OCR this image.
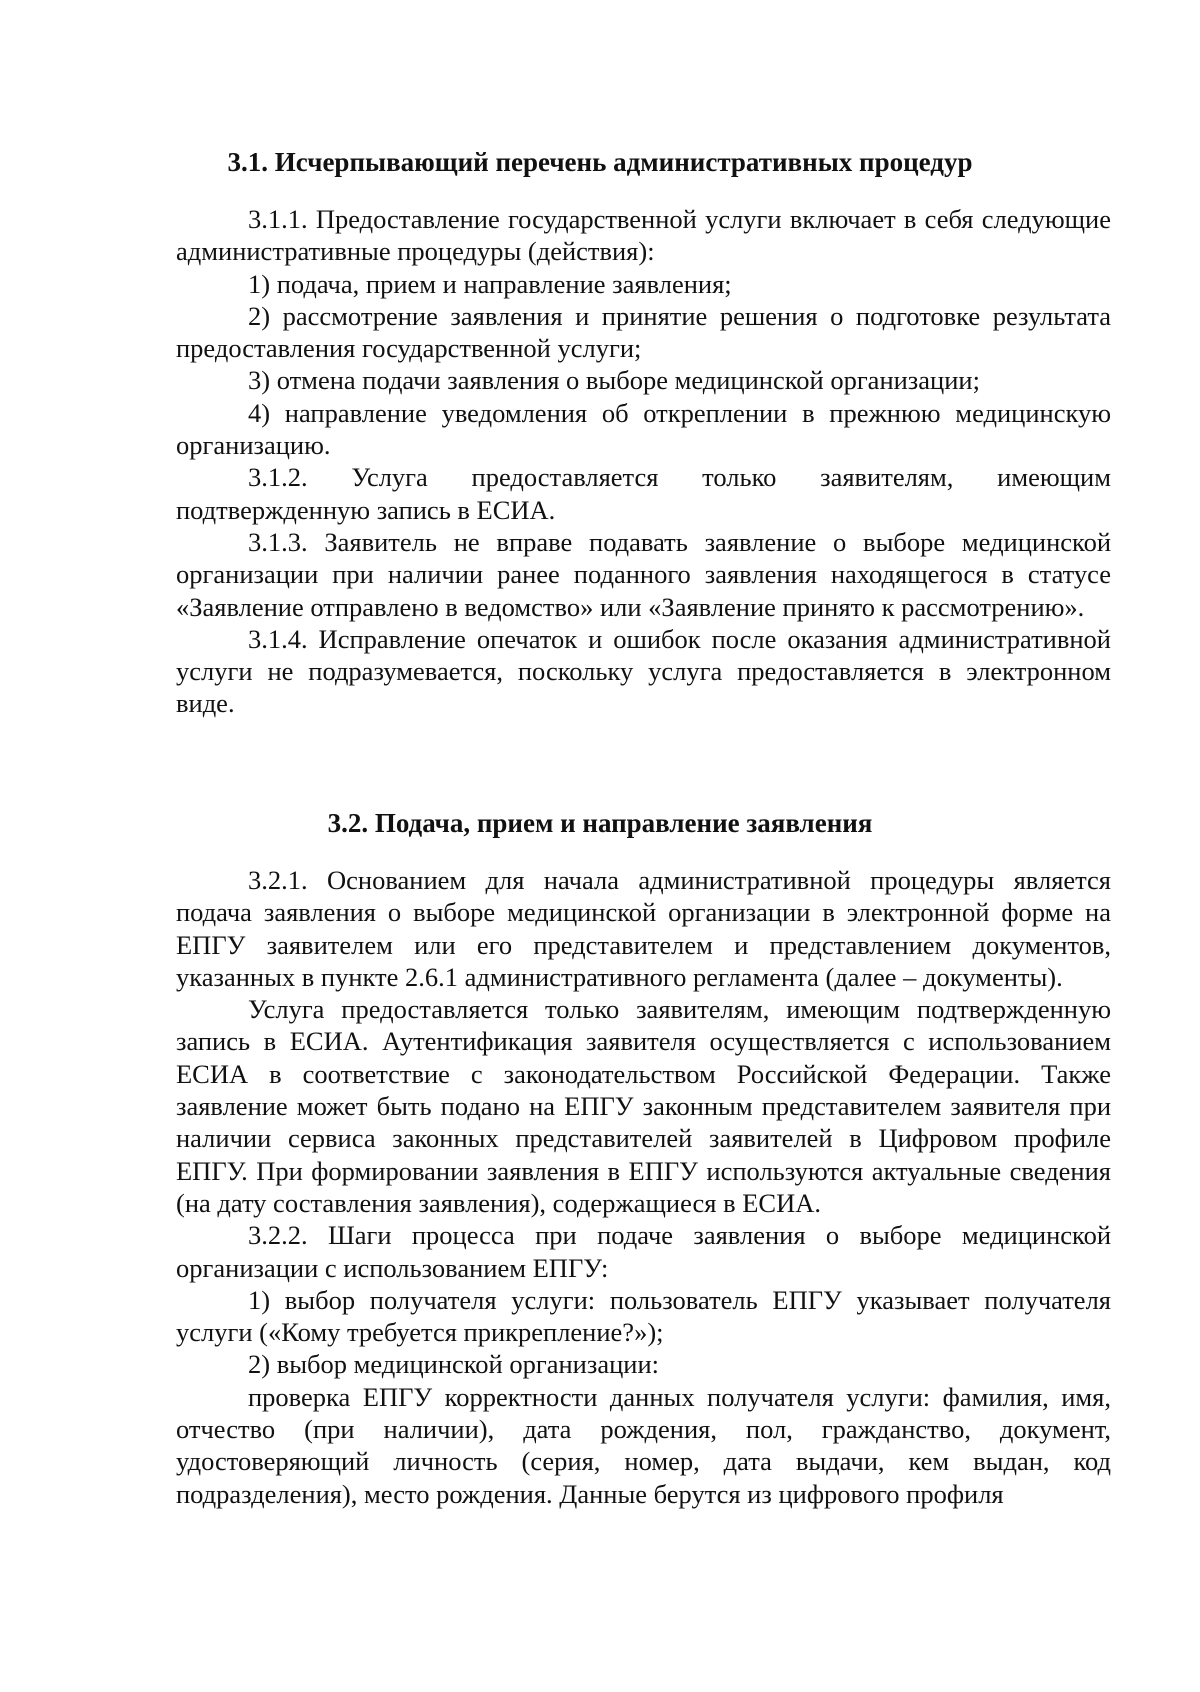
3.1. Исчерпывающий перечень административных процедур

3.1.1. Предоставление государственной услуги включает в себя следующие административные процедуры (действия):

1) подача, прием и направление заявления;

2) рассмотрение заявления и принятие решения о подготовке результата предоставления государственной услуги;

3) отмена подачи заявления о выборе медицинской организации;

4) направление уведомления об откреплении в прежнюю медицинскую организацию.

3.1.2. Услуга предоставляется только заявителям, имеющим подтвержденную запись в ЕСИА.

3.1.3. Заявитель не вправе подавать заявление о выборе медицинской организации при наличии ранее поданного заявления находящегося в статусе «Заявление отправлено в ведомство» или «Заявление принято к рассмотрению».

3.1.4. Исправление опечаток и ошибок после оказания административной услуги не подразумевается, поскольку услуга предоставляется в электронном виде.

3.2. Подача, прием и направление заявления

3.2.1. Основанием для начала административной процедуры является подача заявления о выборе медицинской организации в электронной форме на ЕПГУ заявителем или его представителем и представлением документов, указанных в пункте 2.6.1 административного регламента (далее – документы).

Услуга предоставляется только заявителям, имеющим подтвержденную запись в ЕСИА. Аутентификация заявителя осуществляется с использованием ЕСИА в соответствие с законодательством Российской Федерации. Также заявление может быть подано на ЕПГУ законным представителем заявителя при наличии сервиса законных представителей заявителей в Цифровом профиле ЕПГУ. При формировании заявления в ЕПГУ используются актуальные сведения (на дату составления заявления), содержащиеся в ЕСИА.

3.2.2. Шаги процесса при подаче заявления о выборе медицинской организации с использованием ЕПГУ:

1) выбор получателя услуги: пользователь ЕПГУ указывает получателя услуги («Кому требуется прикрепление?»);

2) выбор медицинской организации:

проверка ЕПГУ корректности данных получателя услуги: фамилия, имя, отчество (при наличии), дата рождения, пол, гражданство, документ, удостоверяющий личность (серия, номер, дата выдачи, кем выдан, код подразделения), место рождения. Данные берутся из цифрового профиля
